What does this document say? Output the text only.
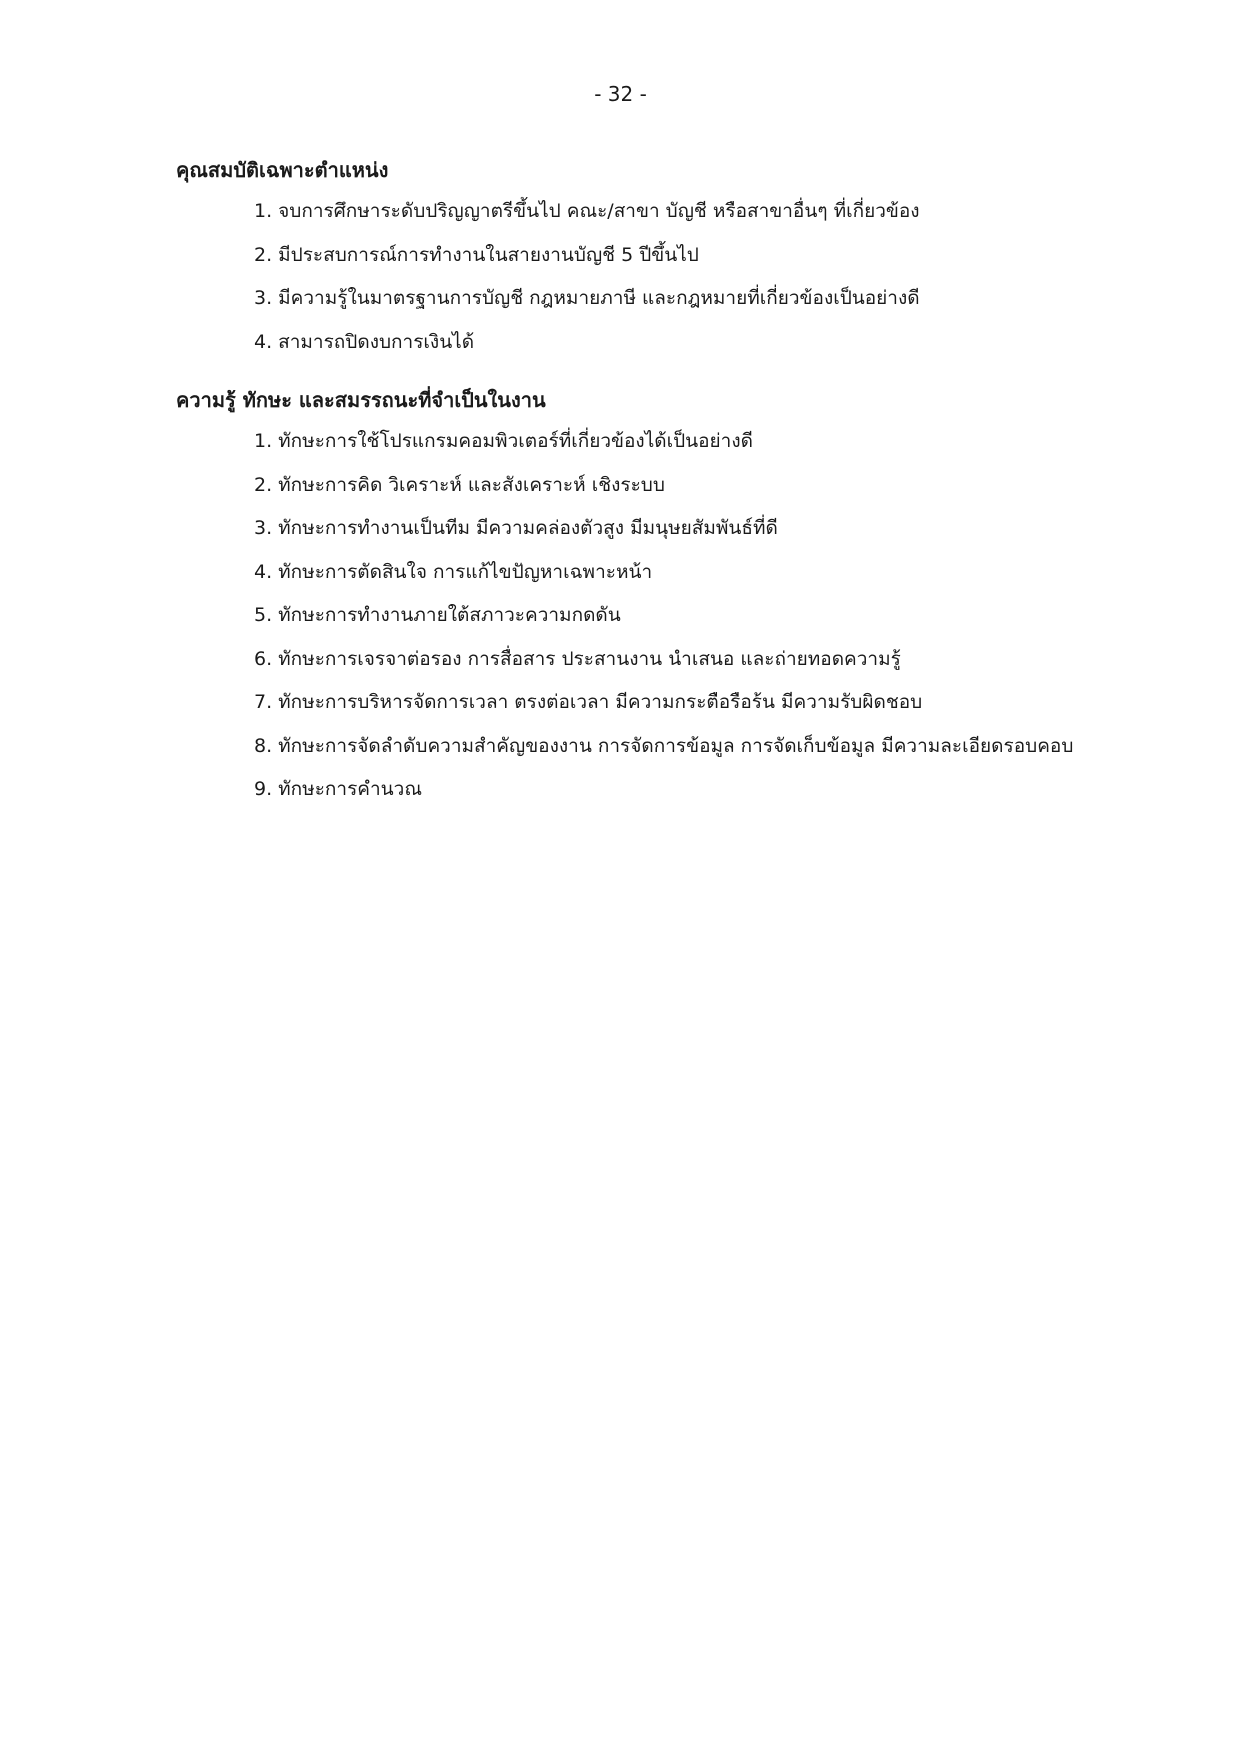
- 32 -
คุณสมบัติเฉพาะตำแหน่ง
1. จบการศึกษาระดับปริญญาตรีขึ้นไป คณะ/สาขา บัญชี หรือสาขาอื่นๆ ที่เกี่ยวข้อง
2. มีประสบการณ์การทำงานในสายงานบัญชี 5 ปีขึ้นไป
3. มีความรู้ในมาตรฐานการบัญชี กฎหมายภาษี และกฎหมายที่เกี่ยวข้องเป็นอย่างดี
4. สามารถปิดงบการเงินได้
ความรู้ ทักษะ และสมรรถนะที่จำเป็นในงาน
1. ทักษะการใช้โปรแกรมคอมพิวเตอร์ที่เกี่ยวข้องได้เป็นอย่างดี
2. ทักษะการคิด วิเคราะห์ และสังเคราะห์ เชิงระบบ
3. ทักษะการทำงานเป็นทีม มีความคล่องตัวสูง มีมนุษยสัมพันธ์ที่ดี
4. ทักษะการตัดสินใจ การแก้ไขปัญหาเฉพาะหน้า
5. ทักษะการทำงานภายใต้สภาวะความกดดัน
6. ทักษะการเจรจาต่อรอง การสื่อสาร ประสานงาน นำเสนอ และถ่ายทอดความรู้
7. ทักษะการบริหารจัดการเวลา ตรงต่อเวลา มีความกระตือรือร้น มีความรับผิดชอบ
8. ทักษะการจัดลำดับความสำคัญของงาน การจัดการข้อมูล การจัดเก็บข้อมูล มีความละเอียดรอบคอบ
9. ทักษะการคำนวณ
